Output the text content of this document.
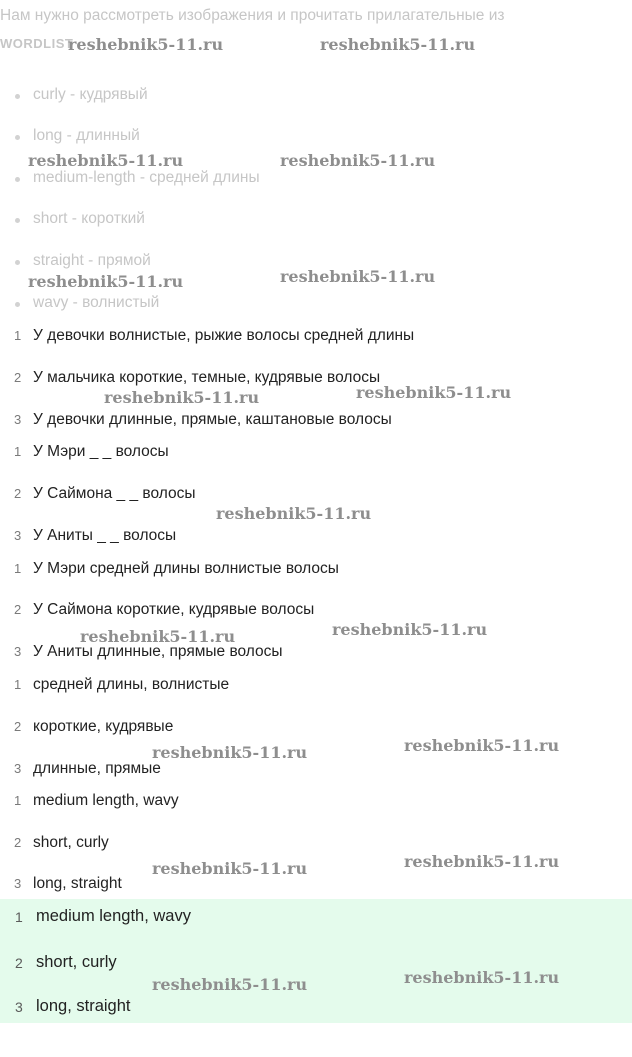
Нам нужно рассмотреть изображения и прочитать прилагательные из
WORDLIST
curly - кудрявый
long - длинный
medium-length - средней длины
short - короткий
straight - прямой
wavy - волнистый
1 У девочки волнистые, рыжие волосы средней длины
2 У мальчика короткие, темные, кудрявые волосы
3 У девочки длинные, прямые, каштановые волосы
1 У Мэри _ _ волосы
2 У Саймона _ _ волосы
3 У Аниты _ _ волосы
1 У Мэри средней длины волнистые волосы
2 У Саймона короткие, кудрявые волосы
3 У Аниты длинные, прямые волосы
1 средней длины, волнистые
2 короткие, кудрявые
3 длинные, прямые
1 medium length, wavy
2 short, curly
3 long, straight
1 medium length, wavy
2 short, curly
3 long, straight
reshebnik5-11.ru	reshebnik5-11.ru
reshebnik5-11.ru	reshebnik5-11.ru
reshebnik5-11.ru	reshebnik5-11.ru
reshebnik5-11.ru	reshebnik5-11.ru
reshebnik5-11.ru
reshebnik5-11.ru	reshebnik5-11.ru
reshebnik5-11.ru	reshebnik5-11.ru
reshebnik5-11.ru	reshebnik5-11.ru
reshebnik5-11.ru	reshebnik5-11.ru
